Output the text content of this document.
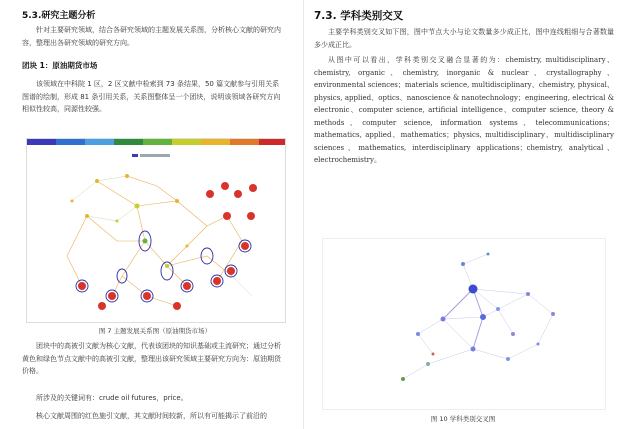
5.3.研究主题分析
针对主要研究领域，结合各研究领域的主题发展关系图，分析核心文献的研究内容，整理出各研究领域的研究方向。
团块 1：原油期货市场
该领域在中科院 1 区，2 区文献中检索到 73 条结果，50 篇文献参与引用关系图谱的绘制，形成 81 条引用关系，关系图整体呈一个团块，说明该领域各研究方向相似性较高，同源性较强。
图 7 主题发展关系图（原油期货市场）
团块中的高被引文献为核心文献，代表该团块的知识基础或主流研究；通过分析黄色和绿色节点文献中的高被引文献，整理出该研究领域主要研究方向为：原油期货价格。
所涉及的关键词有：crude oil futures，price。
核心文献周围的红色施引文献，其文献时间较新，所以有可能揭示了前沿的
7.3. 学科类别交叉
主要学科类别交叉如下图，图中节点大小与论文数量多少成正比，图中连线粗细与合著数量多少成正比。
从图中可以看出，学科类别交叉融合显著的为：chemistry, multidisciplinary、chemistry, organic、chemistry, inorganic & nuclear、crystallography、environmental sciences；materials science, multidisciplinary、chemistry, physical、physics, applied、optics、nanoscience & nanotechnology；engineering, electrical & electronic、computer science, artificial intelligence、computer science, theory & methods、computer science, information systems、telecommunications；mathematics, applied、mathematics；physics, multidisciplinary、multidisciplinary sciences、mathematics, interdisciplinary applications；chemistry, analytical、electrochemistry。
图 10 学科类别交叉图
